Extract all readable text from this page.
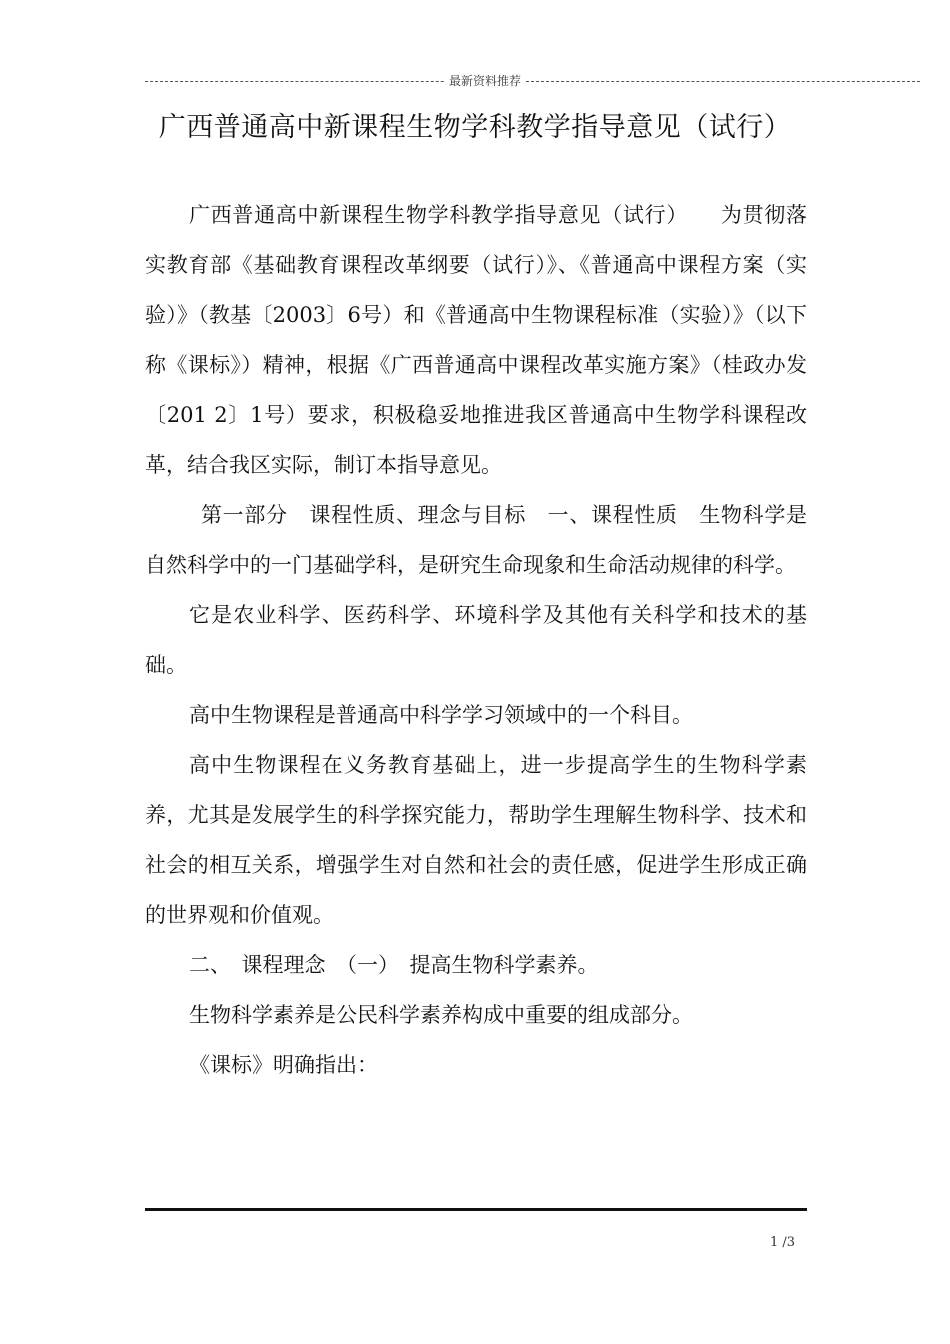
最新资料推荐
广西普通高中新课程生物学科教学指导意见（试行）

广西普通高中新课程生物学科教学指导意见（试行）　　为贯彻落实教育部《基础教育课程改革纲要（试行）》、《普通高中课程方案（实验）》（教基〔2003〕6号）和《普通高中生物课程标准（实验）》（以下称《课标》）精神，根据《广西普通高中课程改革实施方案》（桂政办发〔201 2〕1号）要求，积极稳妥地推进我区普通高中生物学科课程改革，结合我区实际，制订本指导意见。

第一部分　课程性质、理念与目标　一、课程性质　生物科学是自然科学中的一门基础学科，是研究生命现象和生命活动规律的科学。

它是农业科学、医药科学、环境科学及其他有关科学和技术的基础。

高中生物课程是普通高中科学学习领域中的一个科目。

高中生物课程在义务教育基础上，进一步提高学生的生物科学素养，尤其是发展学生的科学探究能力，帮助学生理解生物科学、技术和社会的相互关系，增强学生对自然和社会的责任感，促进学生形成正确的世界观和价值观。

二、　课程理念　（一）　提高生物科学素养。

生物科学素养是公民科学素养构成中重要的组成部分。

《课标》明确指出：

1 /3
